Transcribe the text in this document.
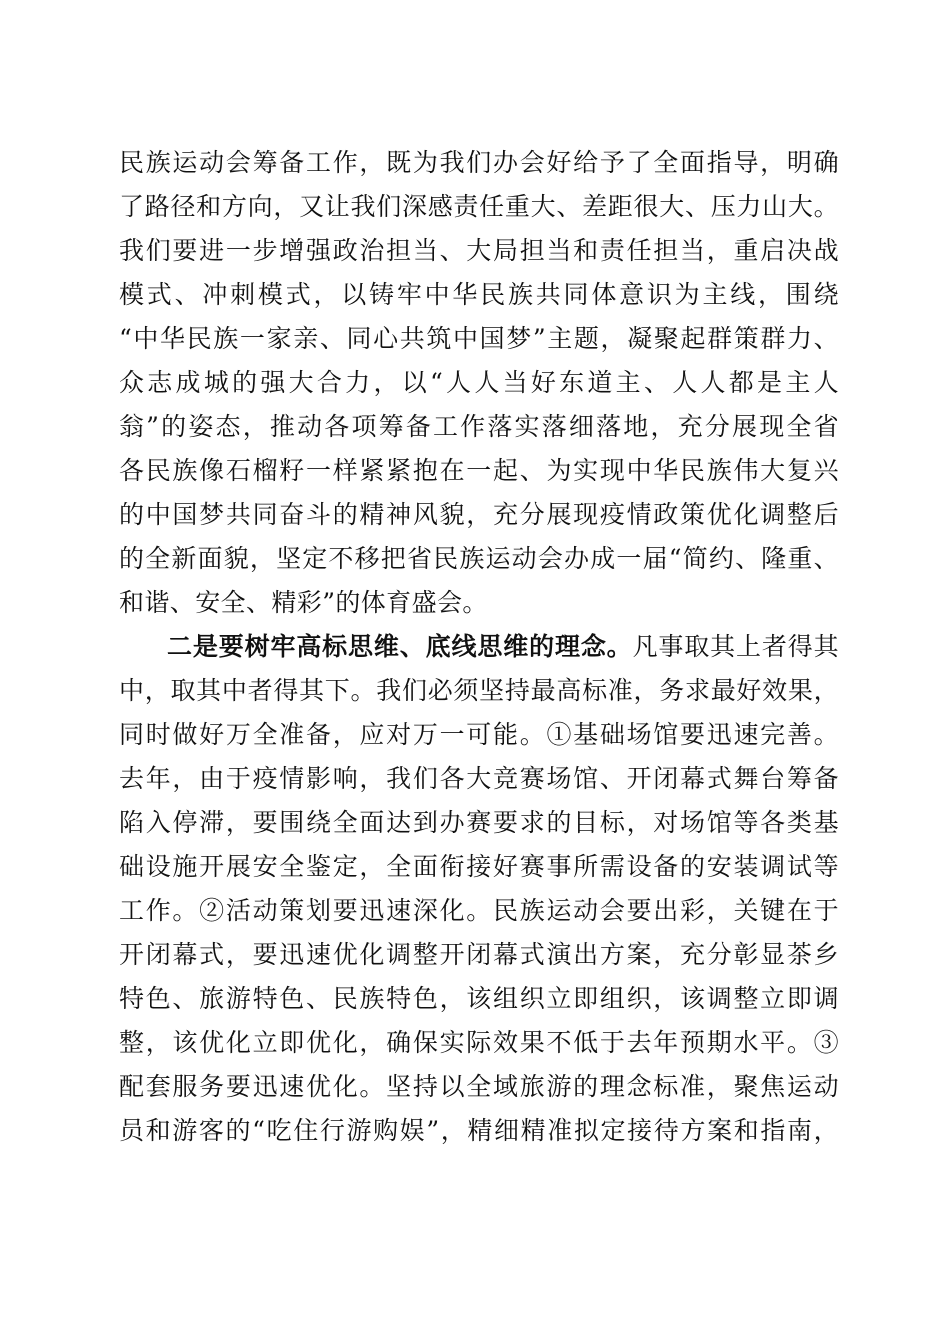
民族运动会筹备工作，既为我们办会好给予了全面指导，明确
了路径和方向，又让我们深感责任重大、差距很大、压力山大。
我们要进一步增强政治担当、大局担当和责任担当，重启决战
模式、冲刺模式，以铸牢中华民族共同体意识为主线，围绕
“中华民族一家亲、同心共筑中国梦”主题，凝聚起群策群力、
众志成城的强大合力，以“人人当好东道主、人人都是主人
翁”的姿态，推动各项筹备工作落实落细落地，充分展现全省
各民族像石榴籽一样紧紧抱在一起、为实现中华民族伟大复兴
的中国梦共同奋斗的精神风貌，充分展现疫情政策优化调整后
的全新面貌，坚定不移把省民族运动会办成一届“简约、隆重、
和谐、安全、精彩”的体育盛会。
二是要树牢高标思维、底线思维的理念。凡事取其上者得其
中，取其中者得其下。我们必须坚持最高标准，务求最好效果，
同时做好万全准备，应对万一可能。①基础场馆要迅速完善。
去年，由于疫情影响，我们各大竞赛场馆、开闭幕式舞台筹备
陷入停滞，要围绕全面达到办赛要求的目标，对场馆等各类基
础设施开展安全鉴定，全面衔接好赛事所需设备的安装调试等
工作。②活动策划要迅速深化。民族运动会要出彩，关键在于
开闭幕式，要迅速优化调整开闭幕式演出方案，充分彰显茶乡
特色、旅游特色、民族特色，该组织立即组织，该调整立即调
整，该优化立即优化，确保实际效果不低于去年预期水平。③
配套服务要迅速优化。坚持以全域旅游的理念标准，聚焦运动
员和游客的“吃住行游购娱”，精细精准拟定接待方案和指南，
